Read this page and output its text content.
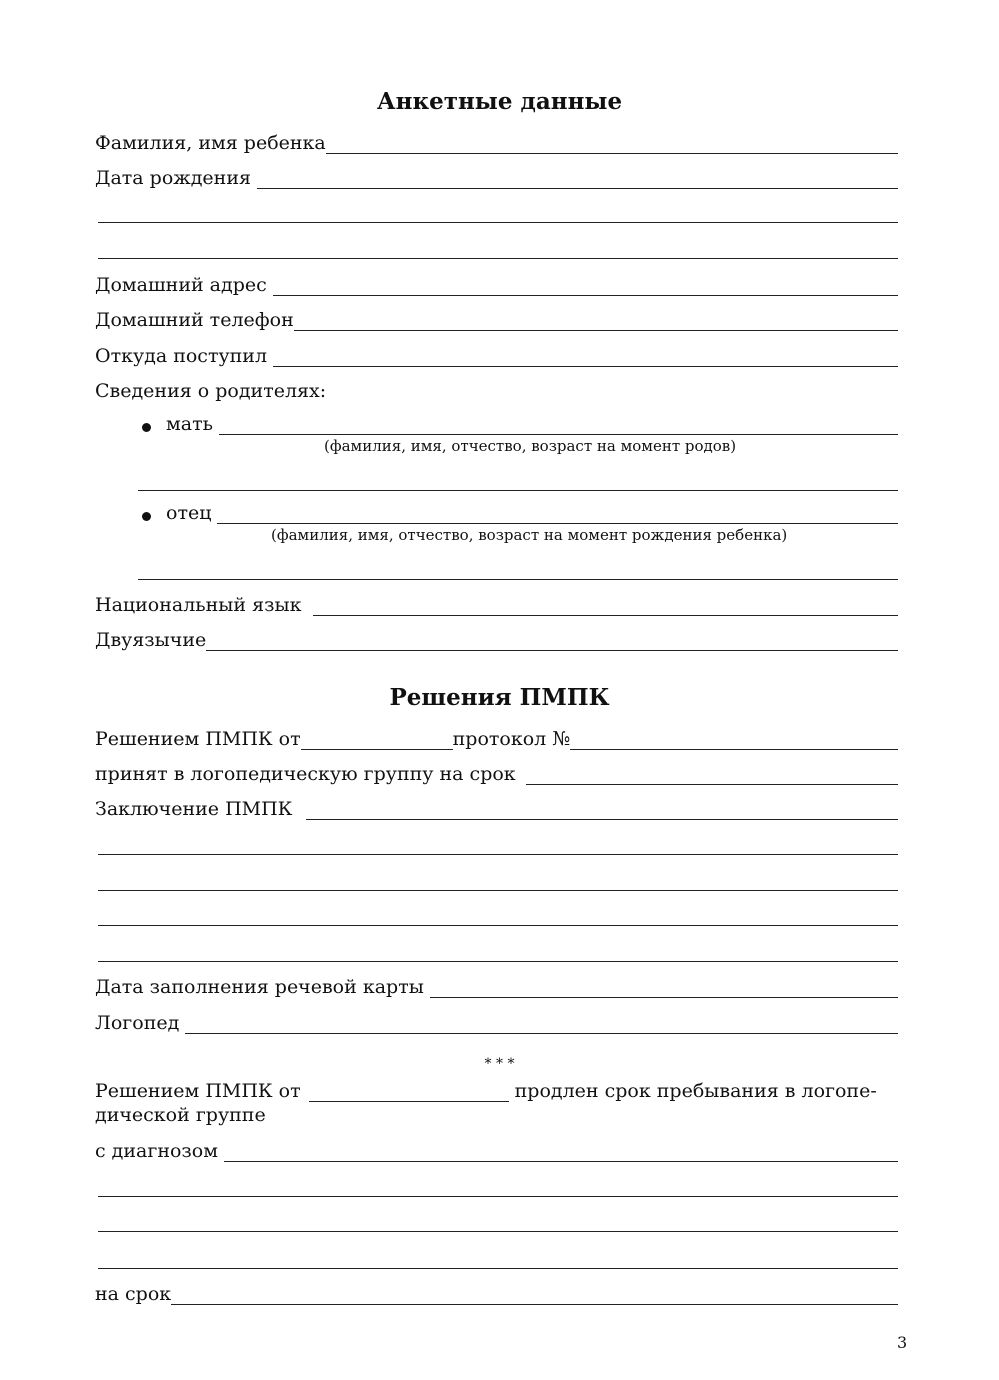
Анкетные данные
Фамилия, имя ребенка
Дата рождения
Домашний адрес
Домашний телефон
Откуда поступил
Сведения о родителях:
мать
(фамилия, имя, отчество, возраст на момент родов)
отец
(фамилия, имя, отчество, возраст на момент рождения ребенка)
Национальный язык
Двуязычие
Решения ПМПК
Решением ПМПК от	протокол №
принят в логопедическую группу на срок
Заключение ПМПК
Дата заполнения речевой карты
Логопед
* * *
Решением ПМПК от	продлен срок пребывания в логопе-
дической группе
с диагнозом
на срок
3
